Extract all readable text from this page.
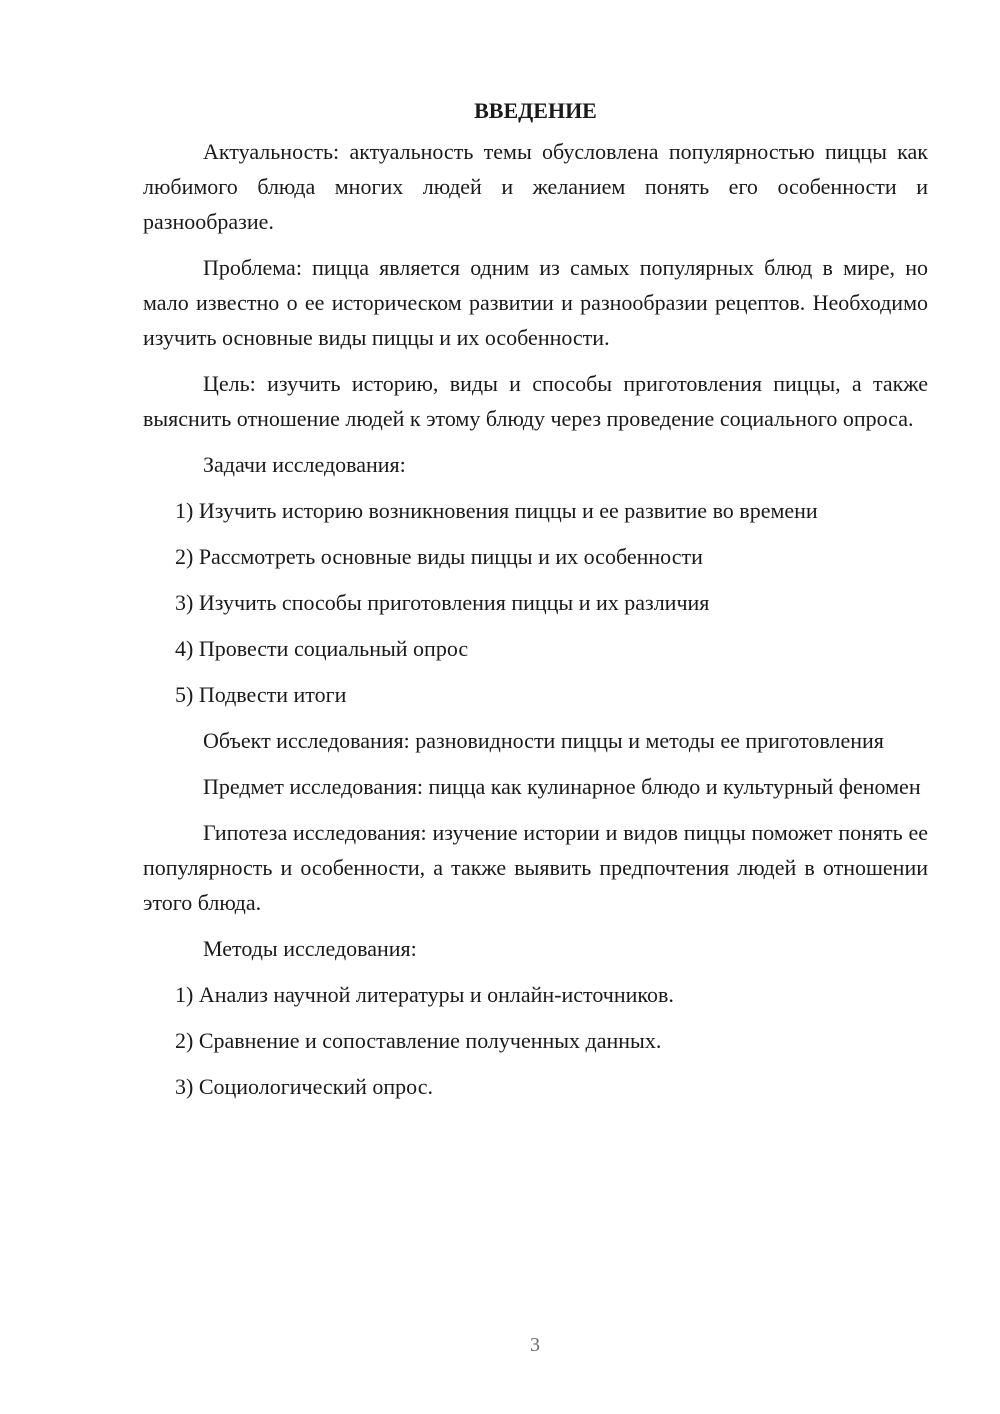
ВВЕДЕНИЕ

Актуальность: актуальность темы обусловлена популярностью пиццы как любимого блюда многих людей и желанием понять его особенности и разнообразие.

Проблема: пицца является одним из самых популярных блюд в мире, но мало известно о ее историческом развитии и разнообразии рецептов. Необходимо изучить основные виды пиццы и их особенности.

Цель: изучить историю, виды и способы приготовления пиццы, а также выяснить отношение людей к этому блюду через проведение социального опроса.

Задачи исследования:

1) Изучить историю возникновения пиццы и ее развитие во времени
2) Рассмотреть основные виды пиццы и их особенности
3) Изучить способы приготовления пиццы и их различия
4) Провести социальный опрос
5) Подвести итоги

Объект исследования: разновидности пиццы и методы ее приготовления

Предмет исследования: пицца как кулинарное блюдо и культурный феномен

Гипотеза исследования: изучение истории и видов пиццы поможет понять ее популярность и особенности, а также выявить предпочтения людей в отношении этого блюда.

Методы исследования:

1) Анализ научной литературы и онлайн-источников.
2) Сравнение и сопоставление полученных данных.
3) Социологический опрос.
3
